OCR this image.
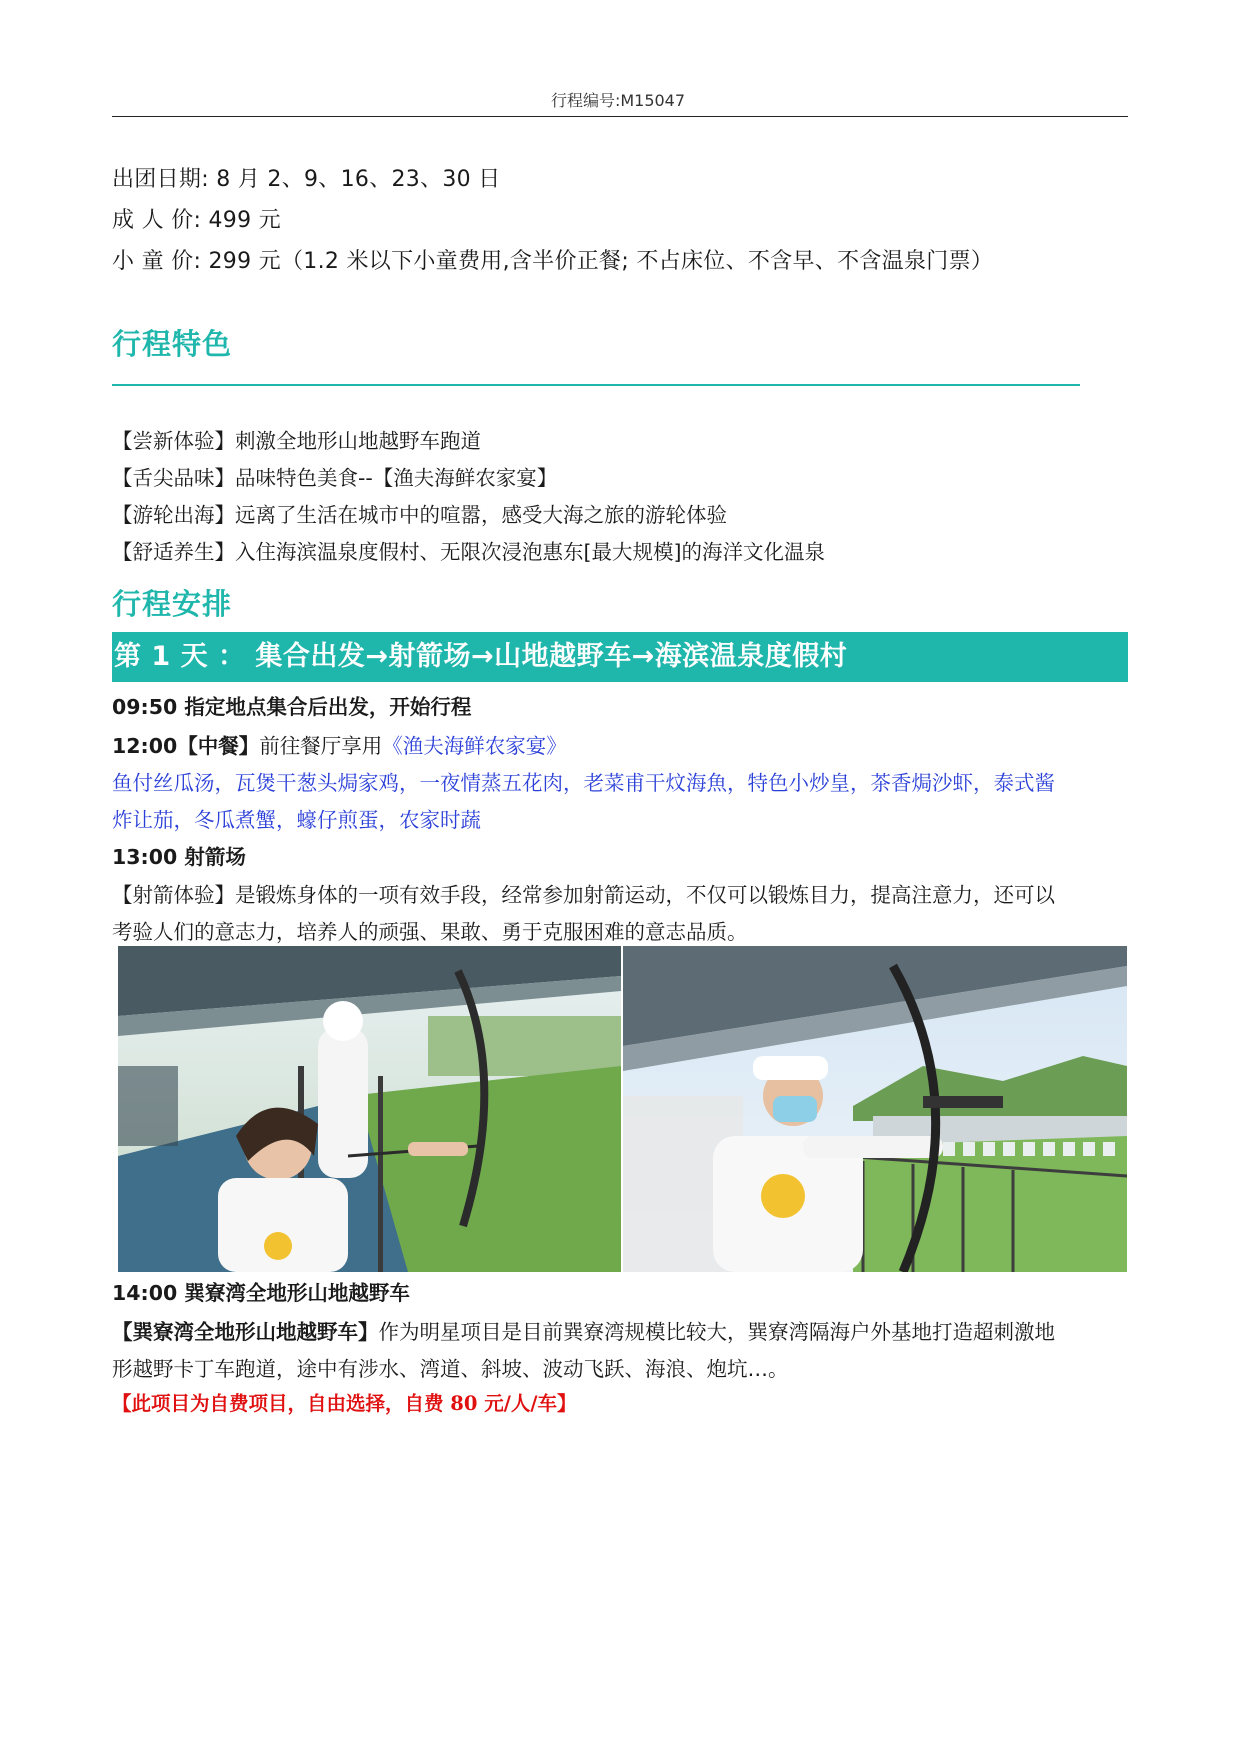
行程编号:M15047
出团日期: 8 月 2、9、16、23、30 日
成 人 价: 499 元
小 童 价: 299 元（1.2 米以下小童费用,含半价正餐; 不占床位、不含早、不含温泉门票）
行程特色
【尝新体验】刺激全地形山地越野车跑道
【舌尖品味】品味特色美食--【渔夫海鲜农家宴】
【游轮出海】远离了生活在城市中的喧嚣，感受大海之旅的游轮体验
【舒适养生】入住海滨温泉度假村、无限次浸泡惠东[最大规模]的海洋文化温泉
行程安排
第 1 天 ： 集合出发→射箭场→山地越野车→海滨温泉度假村
09:50 指定地点集合后出发，开始行程
12:00【中餐】前往餐厅享用《渔夫海鲜农家宴》
鱼付丝瓜汤，瓦煲干葱头焗家鸡，一夜情蒸五花肉，老菜甫干炆海魚，特色小炒皇，茶香焗沙虾，泰式酱
炸让茄，冬瓜煮蟹，蠔仔煎蛋，农家时蔬
13:00 射箭场
【射箭体验】是锻炼身体的一项有效手段，经常参加射箭运动，不仅可以锻炼目力，提高注意力，还可以
考验人们的意志力，培养人的顽强、果敢、勇于克服困难的意志品质。
14:00 巽寮湾全地形山地越野车
【巽寮湾全地形山地越野车】作为明星项目是目前巽寮湾规模比较大，巽寮湾隔海户外基地打造超刺激地
形越野卡丁车跑道，途中有涉水、湾道、斜坡、波动飞跃、海浪、炮坑…。
【此项目为自费项目，自由选择，自费 80 元/人/车】
